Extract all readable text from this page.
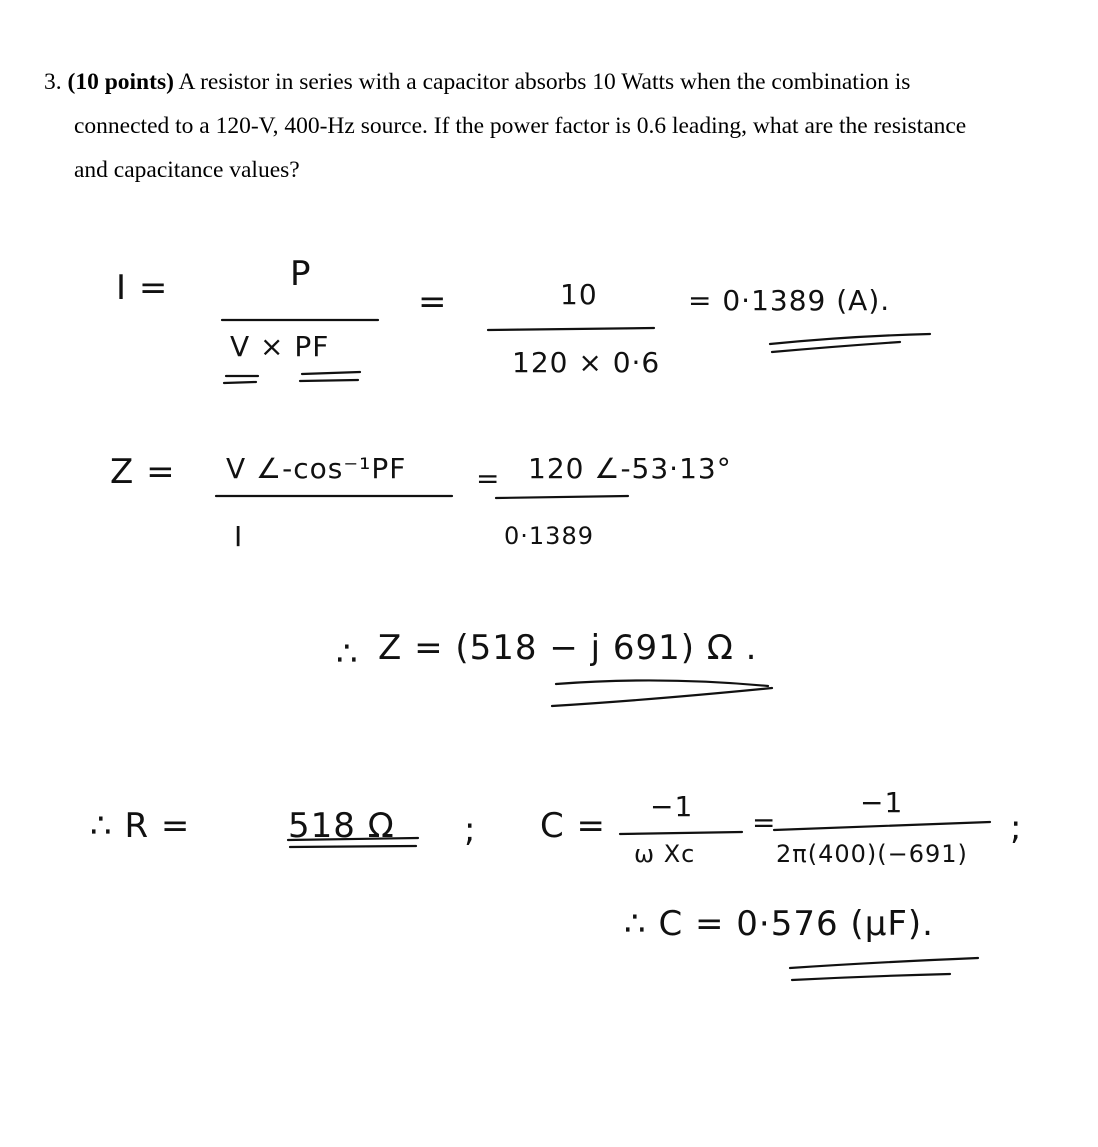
3. (10 points) A resistor in series with a capacitor absorbs 10 Watts when the combination is
connected to a 120-V, 400-Hz source. If the power factor is 0.6 leading, what are the resistance
and capacitance values?
I =	P
V × PF
=	10
120 × 0·6
= 0·1389 (A).
Z = V ∠-cos⁻¹PF
I
= 120 ∠-53·13°
0·1389
∴ Z = (518 − j 691) Ω .
∴ R =	518 Ω ; C = −1
ω Xc
=
−1
2π(400)(−691)
;
∴ C = 0·576 (μF).
